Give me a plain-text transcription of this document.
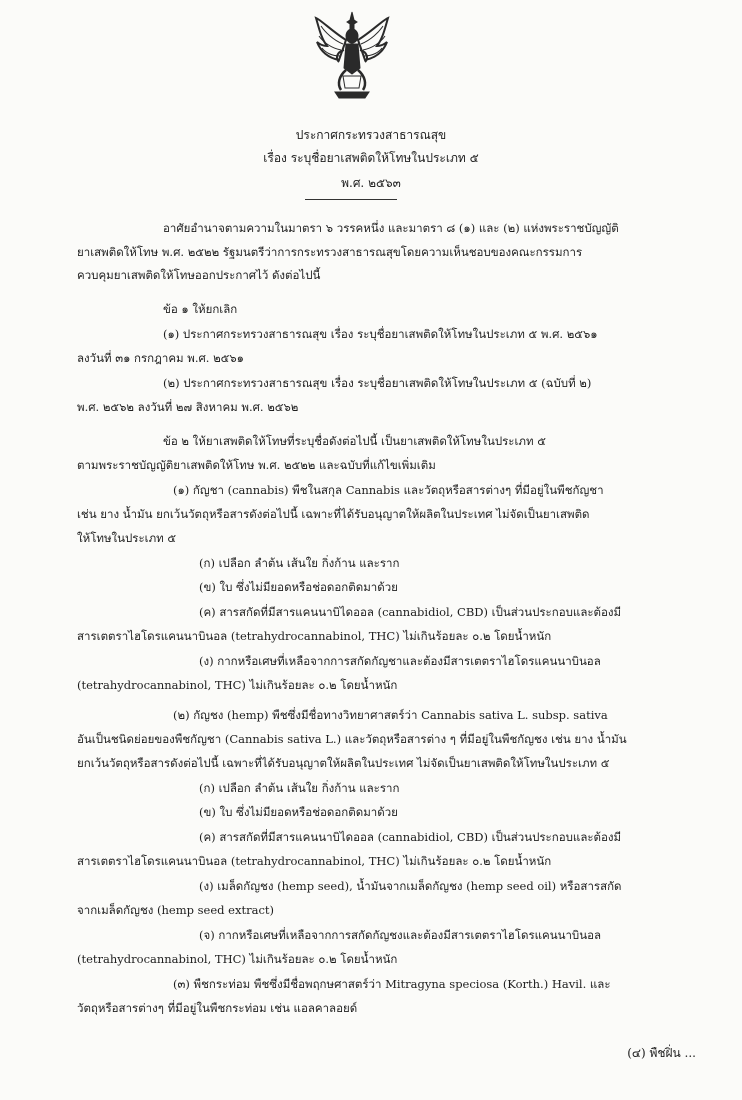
ประกาศกระทรวงสาธารณสุข
เรื่อง ระบุชื่อยาเสพติดให้โทษในประเภท ๕
พ.ศ. ๒๕๖๓
อาศัยอำนาจตามความในมาตรา ๖ วรรคหนึ่ง และมาตรา ๘ (๑) และ (๒) แห่งพระราชบัญญัติ
ยาเสพติดให้โทษ พ.ศ. ๒๕๒๒ รัฐมนตรีว่าการกระทรวงสาธารณสุขโดยความเห็นชอบของคณะกรรมการ
ควบคุมยาเสพติดให้โทษออกประกาศไว้ ดังต่อไปนี้
ข้อ ๑ ให้ยกเลิก
(๑) ประกาศกระทรวงสาธารณสุข เรื่อง ระบุชื่อยาเสพติดให้โทษในประเภท ๕ พ.ศ. ๒๕๖๑
ลงวันที่ ๓๑ กรกฎาคม พ.ศ. ๒๕๖๑
(๒) ประกาศกระทรวงสาธารณสุข เรื่อง ระบุชื่อยาเสพติดให้โทษในประเภท ๕ (ฉบับที่ ๒)
พ.ศ. ๒๕๖๒ ลงวันที่ ๒๗ สิงหาคม พ.ศ. ๒๕๖๒
ข้อ ๒ ให้ยาเสพติดให้โทษที่ระบุชื่อดังต่อไปนี้ เป็นยาเสพติดให้โทษในประเภท ๕
ตามพระราชบัญญัติยาเสพติดให้โทษ พ.ศ. ๒๕๒๒ และฉบับที่แก้ไขเพิ่มเติม
(๑) กัญชา (cannabis) พืชในสกุล Cannabis และวัตถุหรือสารต่างๆ ที่มีอยู่ในพืชกัญชา
เช่น ยาง น้ำมัน ยกเว้นวัตถุหรือสารดังต่อไปนี้ เฉพาะที่ได้รับอนุญาตให้ผลิตในประเทศ ไม่จัดเป็นยาเสพติด
ให้โทษในประเภท ๕
(ก) เปลือก ลำต้น เส้นใย กิ่งก้าน และราก
(ข) ใบ ซึ่งไม่มียอดหรือช่อดอกติดมาด้วย
(ค) สารสกัดที่มีสารแคนนาบิไดออล (cannabidiol, CBD) เป็นส่วนประกอบและต้องมี
สารเตตราไฮโดรแคนนาบินอล (tetrahydrocannabinol, THC) ไม่เกินร้อยละ ๐.๒ โดยน้ำหนัก
(ง) กากหรือเศษที่เหลือจากการสกัดกัญชาและต้องมีสารเตตราไฮโดรแคนนาบินอล
(tetrahydrocannabinol, THC) ไม่เกินร้อยละ ๐.๒ โดยน้ำหนัก
(๒) กัญชง (hemp) พืชซึ่งมีชื่อทางวิทยาศาสตร์ว่า Cannabis sativa L. subsp. sativa
อันเป็นชนิดย่อยของพืชกัญชา (Cannabis sativa L.) และวัตถุหรือสารต่าง ๆ ที่มีอยู่ในพืชกัญชง เช่น ยาง น้ำมัน
ยกเว้นวัตถุหรือสารดังต่อไปนี้ เฉพาะที่ได้รับอนุญาตให้ผลิตในประเทศ ไม่จัดเป็นยาเสพติดให้โทษในประเภท ๕
(ก) เปลือก ลำต้น เส้นใย กิ่งก้าน และราก
(ข) ใบ ซึ่งไม่มียอดหรือช่อดอกติดมาด้วย
(ค) สารสกัดที่มีสารแคนนาบิไดออล (cannabidiol, CBD) เป็นส่วนประกอบและต้องมี
สารเตตราไฮโดรแคนนาบินอล (tetrahydrocannabinol, THC) ไม่เกินร้อยละ ๐.๒ โดยน้ำหนัก
(ง) เมล็ดกัญชง (hemp seed), น้ำมันจากเมล็ดกัญชง (hemp seed oil) หรือสารสกัด
จากเมล็ดกัญชง (hemp seed extract)
(จ) กากหรือเศษที่เหลือจากการสกัดกัญชงและต้องมีสารเตตราไฮโดรแคนนาบินอล
(tetrahydrocannabinol, THC) ไม่เกินร้อยละ ๐.๒ โดยน้ำหนัก
(๓) พืชกระท่อม พืชซึ่งมีชื่อพฤกษศาสตร์ว่า Mitragyna speciosa (Korth.) Havil. และ
วัตถุหรือสารต่างๆ ที่มีอยู่ในพืชกระท่อม เช่น แอลคาลอยด์
(๔) พืชฝิ่น ...
